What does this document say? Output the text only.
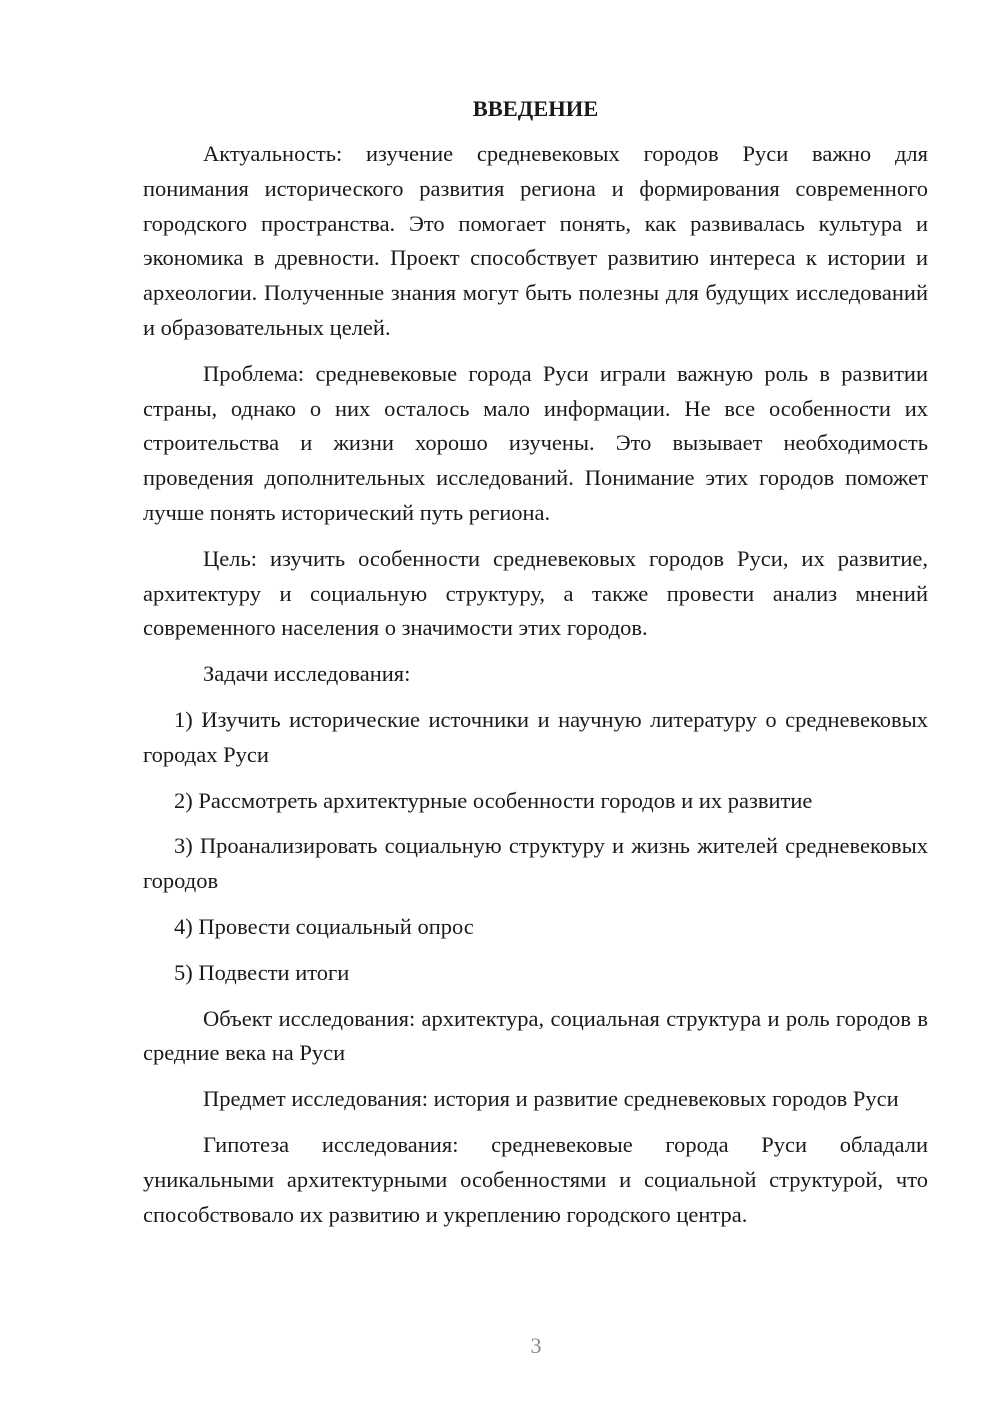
ВВЕДЕНИЕ

Актуальность: изучение средневековых городов Руси важно для понимания исторического развития региона и формирования современного городского пространства. Это помогает понять, как развивалась культура и экономика в древности. Проект способствует развитию интереса к истории и археологии. Полученные знания могут быть полезны для будущих исследований и образовательных целей.

Проблема: средневековые города Руси играли важную роль в развитии страны, однако о них осталось мало информации. Не все особенности их строительства и жизни хорошо изучены. Это вызывает необходимость проведения дополнительных исследований. Понимание этих городов поможет лучше понять исторический путь региона.

Цель: изучить особенности средневековых городов Руси, их развитие, архитектуру и социальную структуру, а также провести анализ мнений современного населения о значимости этих городов.

Задачи исследования:

1) Изучить исторические источники и научную литературу о средневековых городах Руси

2) Рассмотреть архитектурные особенности городов и их развитие

3) Проанализировать социальную структуру и жизнь жителей средневековых городов

4) Провести социальный опрос

5) Подвести итоги

Объект исследования: архитектура, социальная структура и роль городов в средние века на Руси

Предмет исследования: история и развитие средневековых городов Руси

Гипотеза исследования: средневековые города Руси обладали уникальными архитектурными особенностями и социальной структурой, что способствовало их развитию и укреплению городского центра.

3
